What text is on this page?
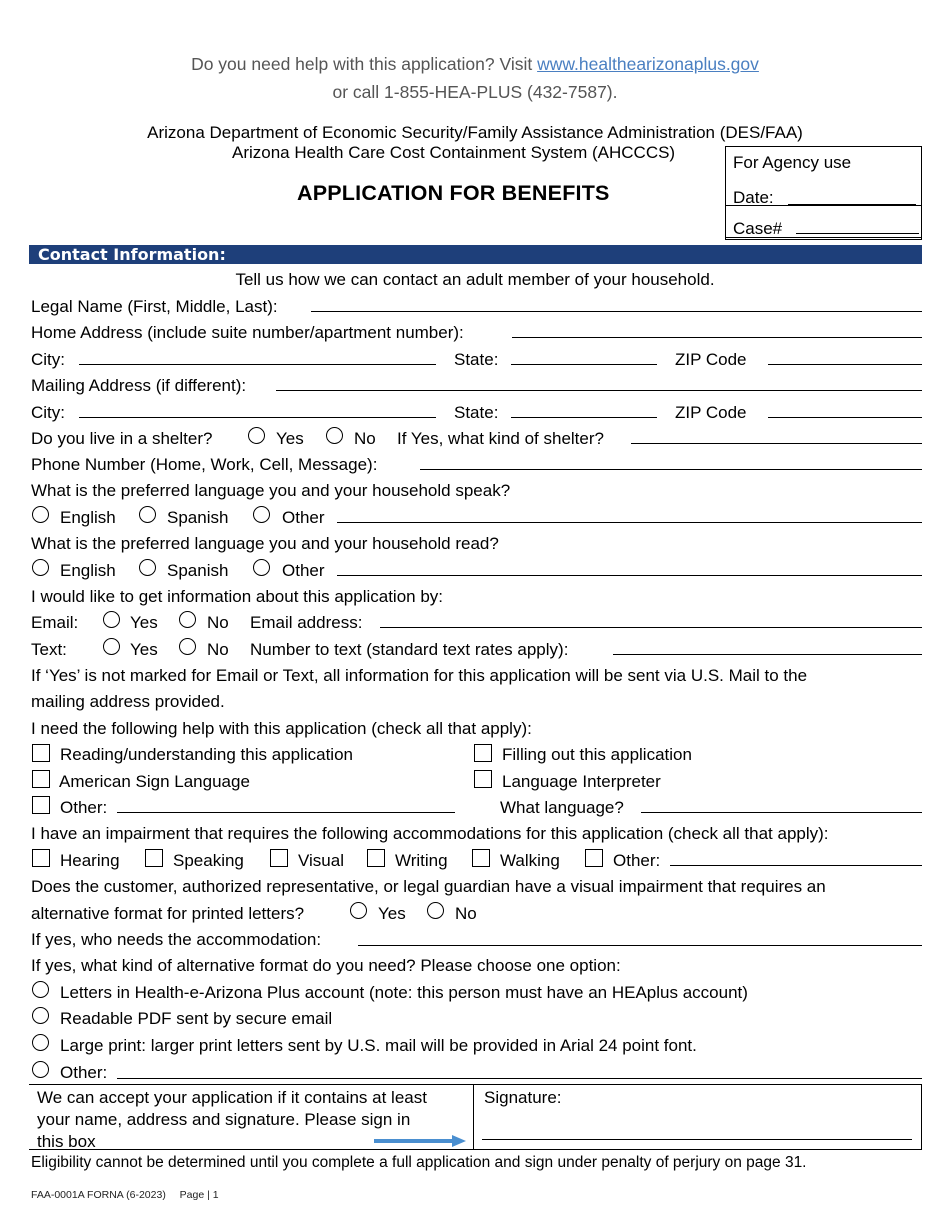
Do you need help with this application? Visit www.healthearizonaplus.gov
or call 1-855-HEA-PLUS (432-7587).
Arizona Department of Economic Security/Family Assistance Administration (DES/FAA)
Arizona Health Care Cost Containment System (AHCCCS)
APPLICATION FOR BENEFITS
For Agency use
Date:
Case#
Contact Information:
Tell us how we can contact an adult member of your household.
Legal Name (First, Middle, Last):
Home Address (include suite number/apartment number):
City:	State:	ZIP Code
Mailing Address (if different):
City:	State:	ZIP Code
Do you live in a shelter?	Yes	No If Yes, what kind of shelter?
Phone Number (Home, Work, Cell, Message):
What is the preferred language you and your household speak?
English	Spanish	Other
What is the preferred language you and your household read?
English	Spanish	Other
I would like to get information about this application by:
Email:	Yes	No Email address:
Text:	Yes	No Number to text (standard text rates apply):
If ‘Yes’ is not marked for Email or Text, all information for this application will be sent via U.S. Mail to the
mailing address provided.
I need the following help with this application (check all that apply):
Reading/understanding this application	Filling out this application
American Sign Language	Language Interpreter
Other:	What language?
I have an impairment that requires the following accommodations for this application (check all that apply):
Hearing	Speaking	Visual	Writing	Walking	Other:
Does the customer, authorized representative, or legal guardian have a visual impairment that requires an
alternative format for printed letters?	Yes	No
If yes, who needs the accommodation:
If yes, what kind of alternative format do you need? Please choose one option:
Letters in Health-e-Arizona Plus account (note: this person must have an HEAplus account)
Readable PDF sent by secure email
Large print: larger print letters sent by U.S. mail will be provided in Arial 24 point font.
Other:
We can accept your application if it contains at least
your name, address and signature. Please sign in
this box
Signature:
Eligibility cannot be determined until you complete a full application and sign under penalty of perjury on page 31.
FAA-0001A FORNA (6-2023) Page | 1
